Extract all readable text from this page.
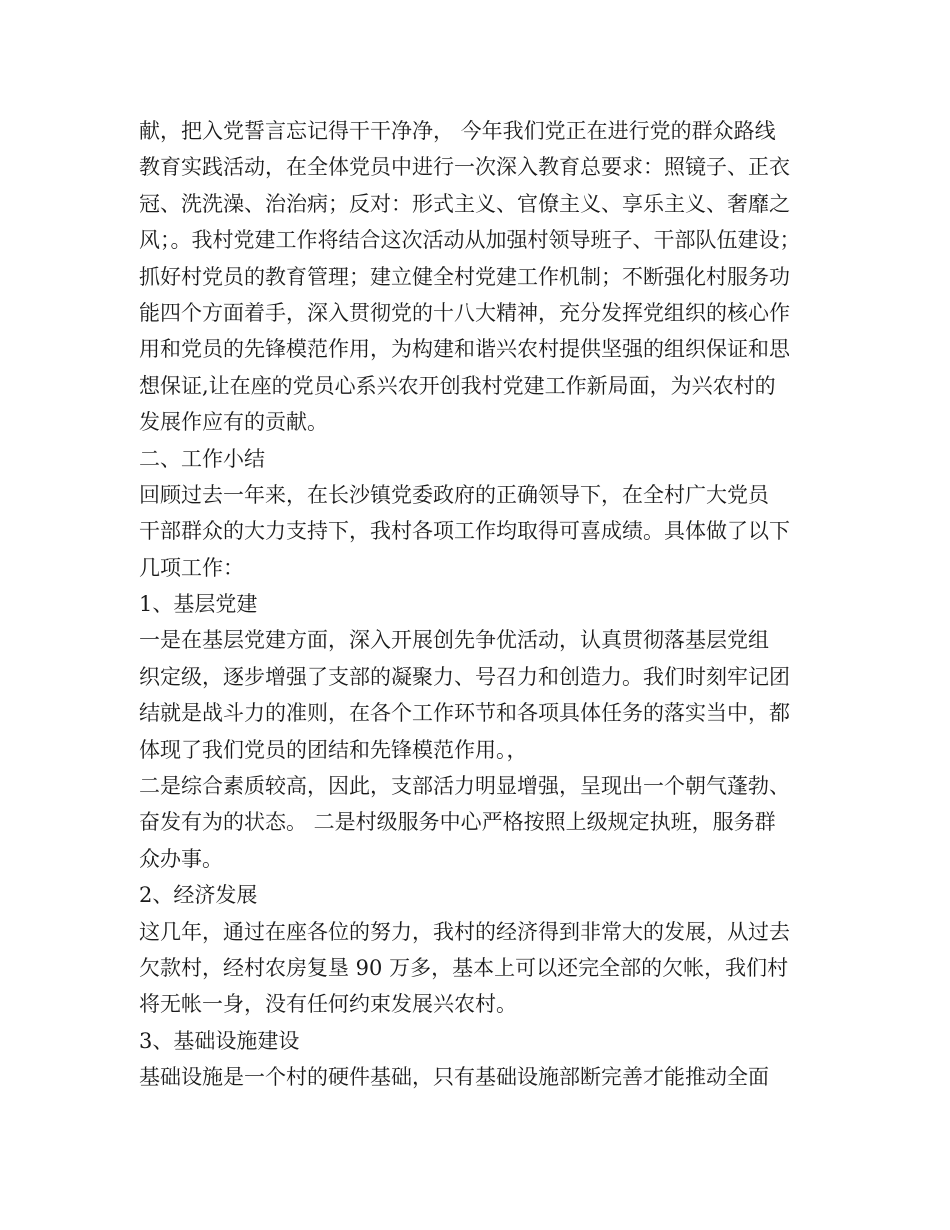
献，把入党誓言忘记得干干净净， 今年我们党正在进行党的群众路线
教育实践活动，在全体党员中进行一次深入教育总要求：照镜子、正衣
冠、洗洗澡、治治病；反对：形式主义、官僚主义、享乐主义、奢靡之
风；。我村党建工作将结合这次活动从加强村领导班子、干部队伍建设；
抓好村党员的教育管理；建立健全村党建工作机制；不断强化村服务功
能四个方面着手，深入贯彻党的十八大精神，充分发挥党组织的核心作
用和党员的先锋模范作用，为构建和谐兴农村提供坚强的组织保证和思
想保证,让在座的党员心系兴农开创我村党建工作新局面，为兴农村的
发展作应有的贡献。
二、工作小结
回顾过去一年来，在长沙镇党委政府的正确领导下，在全村广大党员
干部群众的大力支持下，我村各项工作均取得可喜成绩。具体做了以下
几项工作：
1、基层党建
一是在基层党建方面，深入开展创先争优活动，认真贯彻落基层党组
织定级，逐步增强了支部的凝聚力、号召力和创造力。我们时刻牢记团
结就是战斗力的准则，在各个工作环节和各项具体任务的落实当中，都
体现了我们党员的团结和先锋模范作用。，
二是综合素质较高，因此，支部活力明显增强，呈现出一个朝气蓬勃、
奋发有为的状态。 二是村级服务中心严格按照上级规定执班，服务群
众办事。
2、经济发展
这几年，通过在座各位的努力，我村的经济得到非常大的发展，从过去
欠款村，经村农房复垦 90 万多，基本上可以还完全部的欠帐，我们村
将无帐一身，没有任何约束发展兴农村。
3、基础设施建设
基础设施是一个村的硬件基础，只有基础设施部断完善才能推动全面
